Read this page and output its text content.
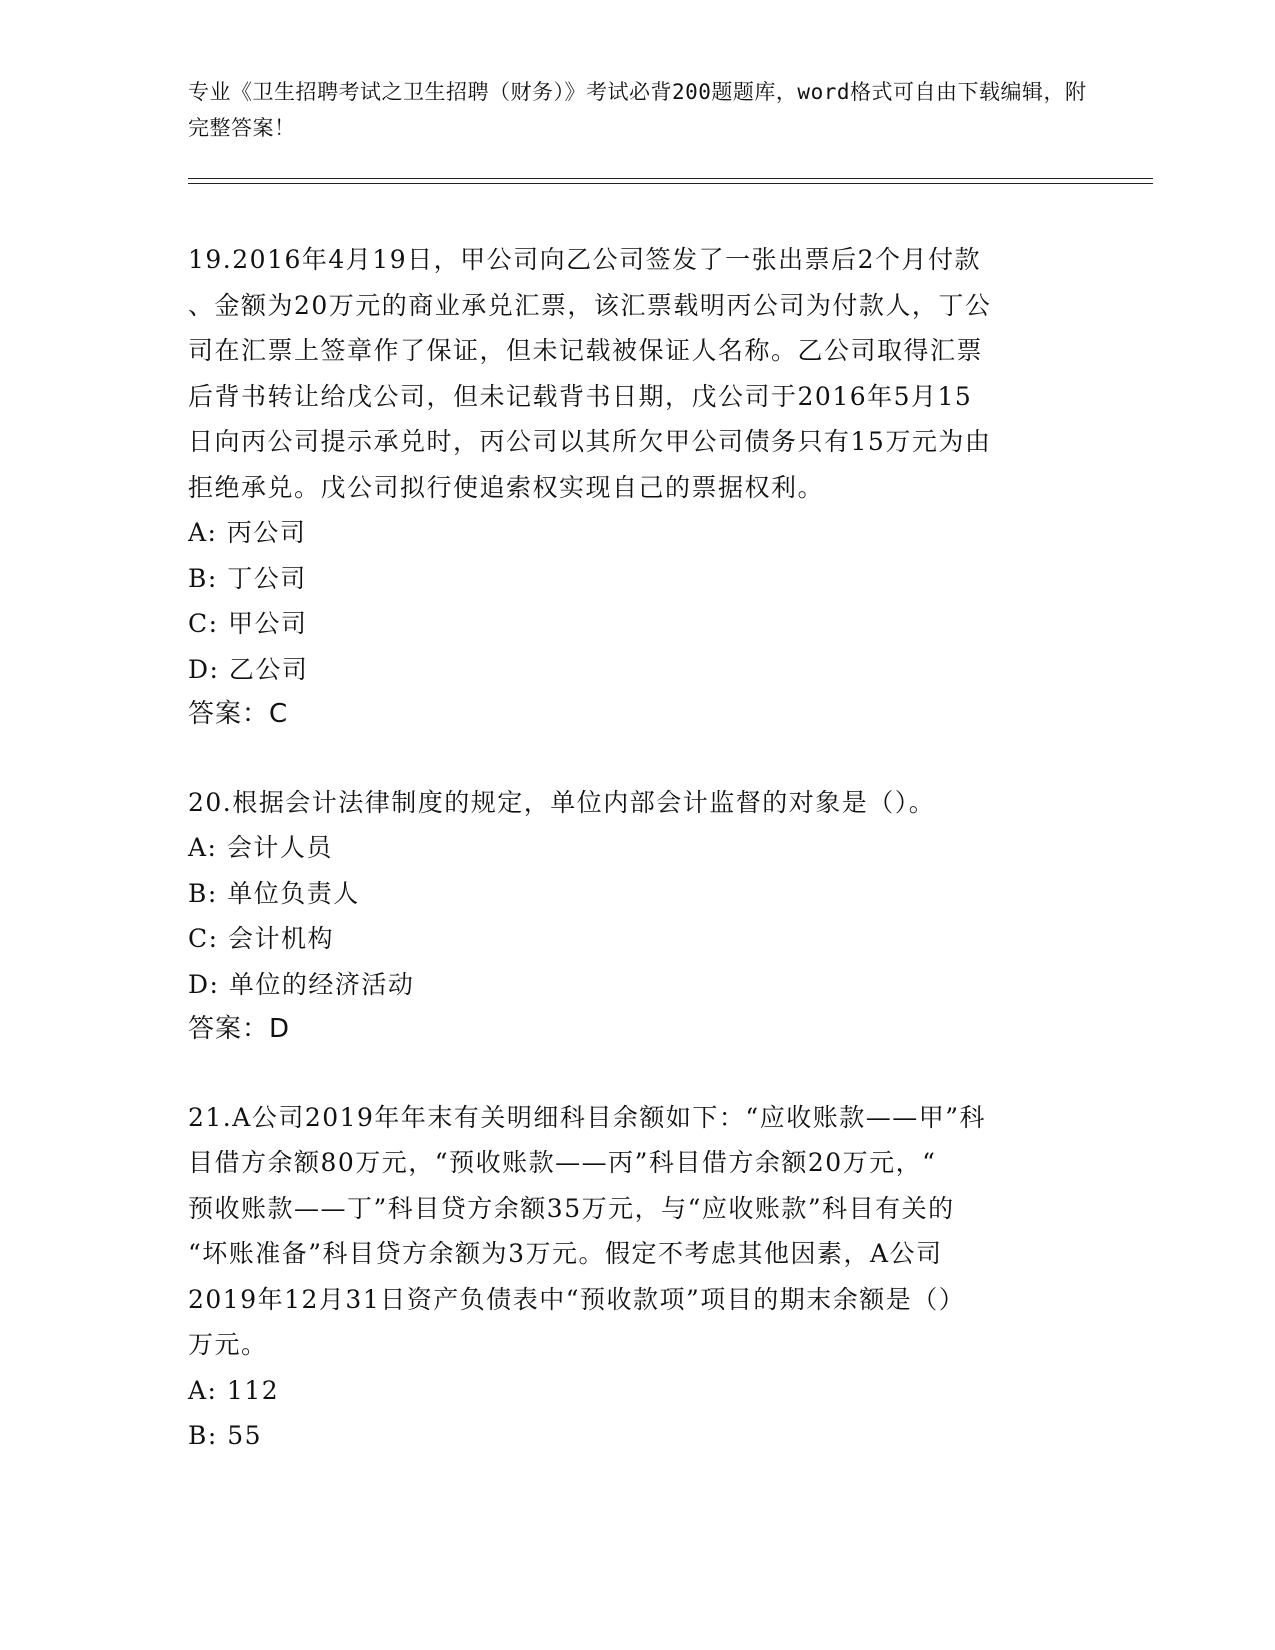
专业《卫生招聘考试之卫生招聘（财务）》考试必背200题题库，word格式可自由下载编辑，附完整答案！
19.2016年4月19日，甲公司向乙公司签发了一张出票后2个月付款
、金额为20万元的商业承兑汇票，该汇票载明丙公司为付款人，丁公
司在汇票上签章作了保证，但未记载被保证人名称。乙公司取得汇票
后背书转让给戊公司，但未记载背书日期，戊公司于2016年5月15
日向丙公司提示承兑时，丙公司以其所欠甲公司债务只有15万元为由
拒绝承兑。戊公司拟行使追索权实现自己的票据权利。
A: 丙公司
B: 丁公司
C: 甲公司
D: 乙公司
答案：C
20.根据会计法律制度的规定，单位内部会计监督的对象是（）。
A: 会计人员
B: 单位负责人
C: 会计机构
D: 单位的经济活动
答案：D
21.A公司2019年年末有关明细科目余额如下：“应收账款——甲”科
目借方余额80万元，“预收账款——丙”科目借方余额20万元，“
预收账款——丁”科目贷方余额35万元，与“应收账款”科目有关的
“坏账准备”科目贷方余额为3万元。假定不考虑其他因素，A公司
2019年12月31日资产负债表中“预收款项”项目的期末余额是（）
万元。
A: 112
B: 55
